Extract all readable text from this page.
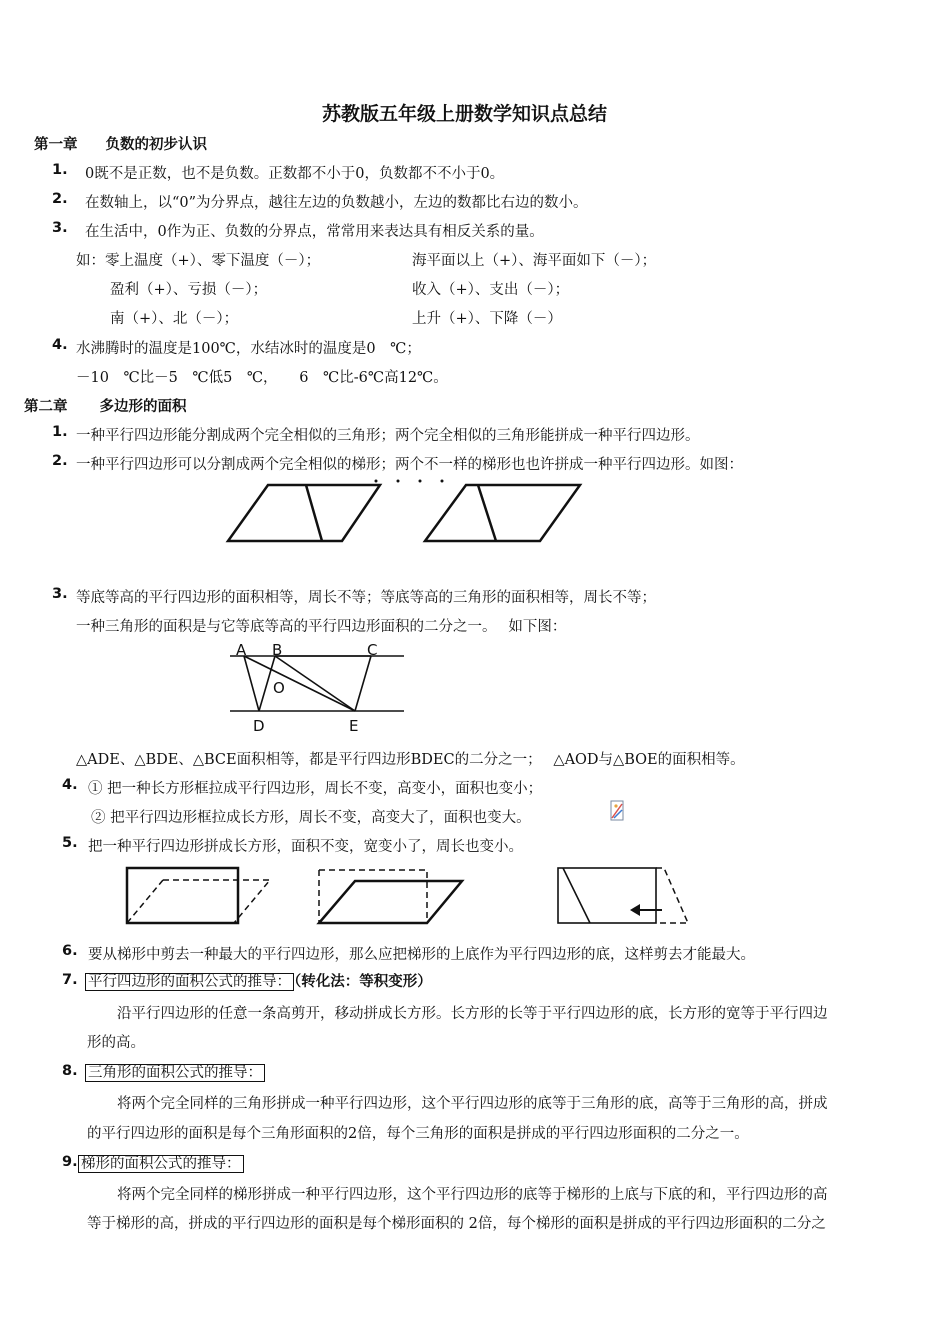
苏教版五年级上册数学知识点总结
第一章 负数的初步认识
1. 0既不是正数，也不是负数。正数都不小于0，负数都不不小于0。
2. 在数轴上，以“0”为分界点，越往左边的负数越小，左边的数都比右边的数小。
3. 在生活中，0作为正、负数的分界点，常常用来表达具有相反关系的量。
如：零上温度（+）、零下温度（－）；	海平面以上（+）、海平面如下（－）；
盈利（+）、亏损（－）；	收入（+）、支出（－）；
南（+）、北（－）；	上升（+）、下降（－）
4. 水沸腾时的温度是100℃，水结冰时的温度是0　℃；
－10　℃比－5　℃低5　℃，　　6　℃比-6℃高12℃。
第二章 多边形的面积
1. 一种平行四边形能分割成两个完全相似的三角形；两个完全相似的三角形能拼成一种平行四边形。
2. 一种平行四边形可以分割成两个完全相似的梯形；两个不一样的梯形也也许拼成一种平行四边形。如图：
3. 等底等高的平行四边形的面积相等，周长不等；等底等高的三角形的面积相等，周长不等；
一种三角形的面积是与它等底等高的平行四边形面积的二分之一。　 如下图：
A B	C
O
D	E
△ADE、△BDE、△BCE面积相等，都是平行四边形BDEC的二分之一；　 △AOD与△BOE的面积相等。
4. ① 把一种长方形框拉成平行四边形，周长不变，高变小，面积也变小；
② 把平行四边形框拉成长方形，周长不变，高变大了，面积也变大。
5. 把一种平行四边形拼成长方形，面积不变，宽变小了，周长也变小。
6. 要从梯形中剪去一种最大的平行四边形，那么应把梯形的上底作为平行四边形的底，这样剪去才能最大。
7. 平行四边形的面积公式的推导： （转化法：等积变形）
沿平行四边形的任意一条高剪开，移动拼成长方形。长方形的长等于平行四边形的底，长方形的宽等于平行四边
形的高。
8. 三角形的面积公式的推导：
将两个完全同样的三角形拼成一种平行四边形，这个平行四边形的底等于三角形的底，高等于三角形的高，拼成
的平行四边形的面积是每个三角形面积的2倍，每个三角形的面积是拼成的平行四边形面积的二分之一。
9. 梯形的面积公式的推导：
将两个完全同样的梯形拼成一种平行四边形，这个平行四边形的底等于梯形的上底与下底的和，平行四边形的高
等于梯形的高，拼成的平行四边形的面积是每个梯形面积的 2倍，每个梯形的面积是拼成的平行四边形面积的二分之
